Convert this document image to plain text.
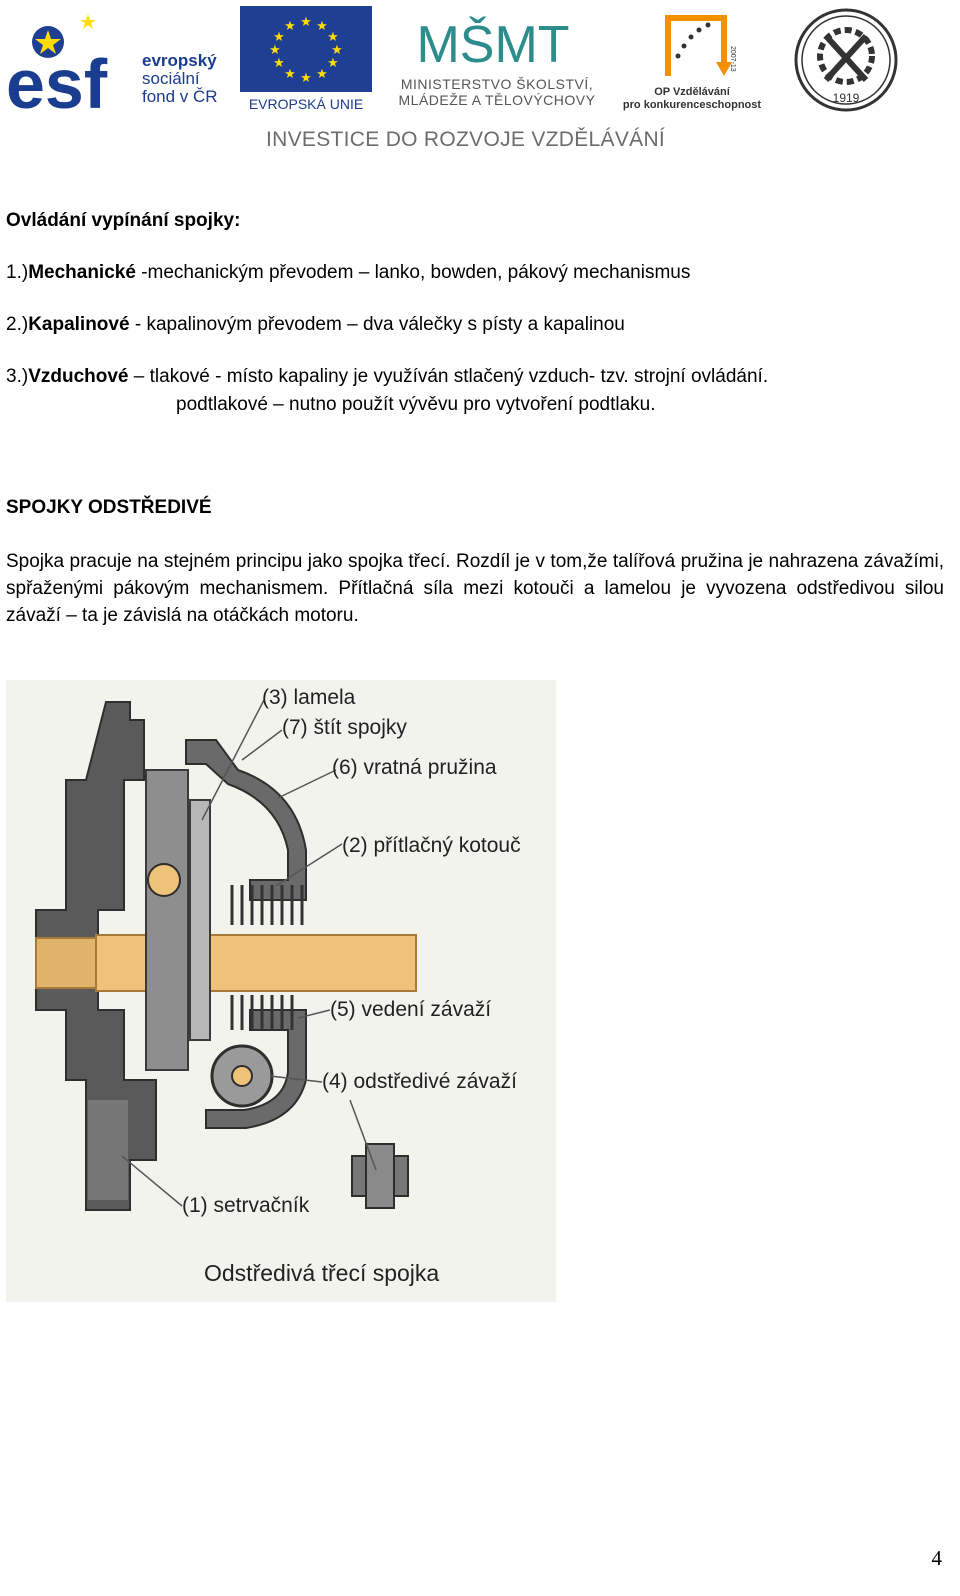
esf evropský
sociální
fond v ČR
★ ★
★
★
★
★
★
★
★
★
★
★
EVROPSKÁ UNIE
MŠMT
MINISTERSTVO ŠKOLSTVÍ,
MLÁDEŽE A TĚLOVÝCHOVY
2007-13
OP Vzdělávání
pro konkurenceschopnost	1919
INVESTICE DO ROZVOJE VZDĚLÁVÁNÍ
Ovládání vypínání spojky:
1.)Mechanické -mechanickým převodem – lanko, bowden, pákový mechanismus
2.)Kapalinové - kapalinovým převodem – dva válečky s písty a kapalinou
3.)Vzduchové – tlakové - místo kapaliny je využíván stlačený vzduch- tzv. strojní ovládání.
podtlakové – nutno použít vývěvu pro vytvoření podtlaku.
SPOJKY ODSTŘEDIVÉ
Spojka pracuje na stejném principu jako spojka třecí. Rozdíl je v tom,že talířová pružina je nahrazena závažími, spřaženými pákovým mechanismem. Přítlačná síla mezi kotouči a lamelou je vyvozena odstředivou silou závaží – ta je závislá na otáčkách motoru.
(3) lamela
(7) štít spojky
(6) vratná pružina
(2) přítlačný kotouč
(5) vedení závaží
(4) odstředivé závaží
(1) setrvačník
Odstředivá třecí spojka
4
